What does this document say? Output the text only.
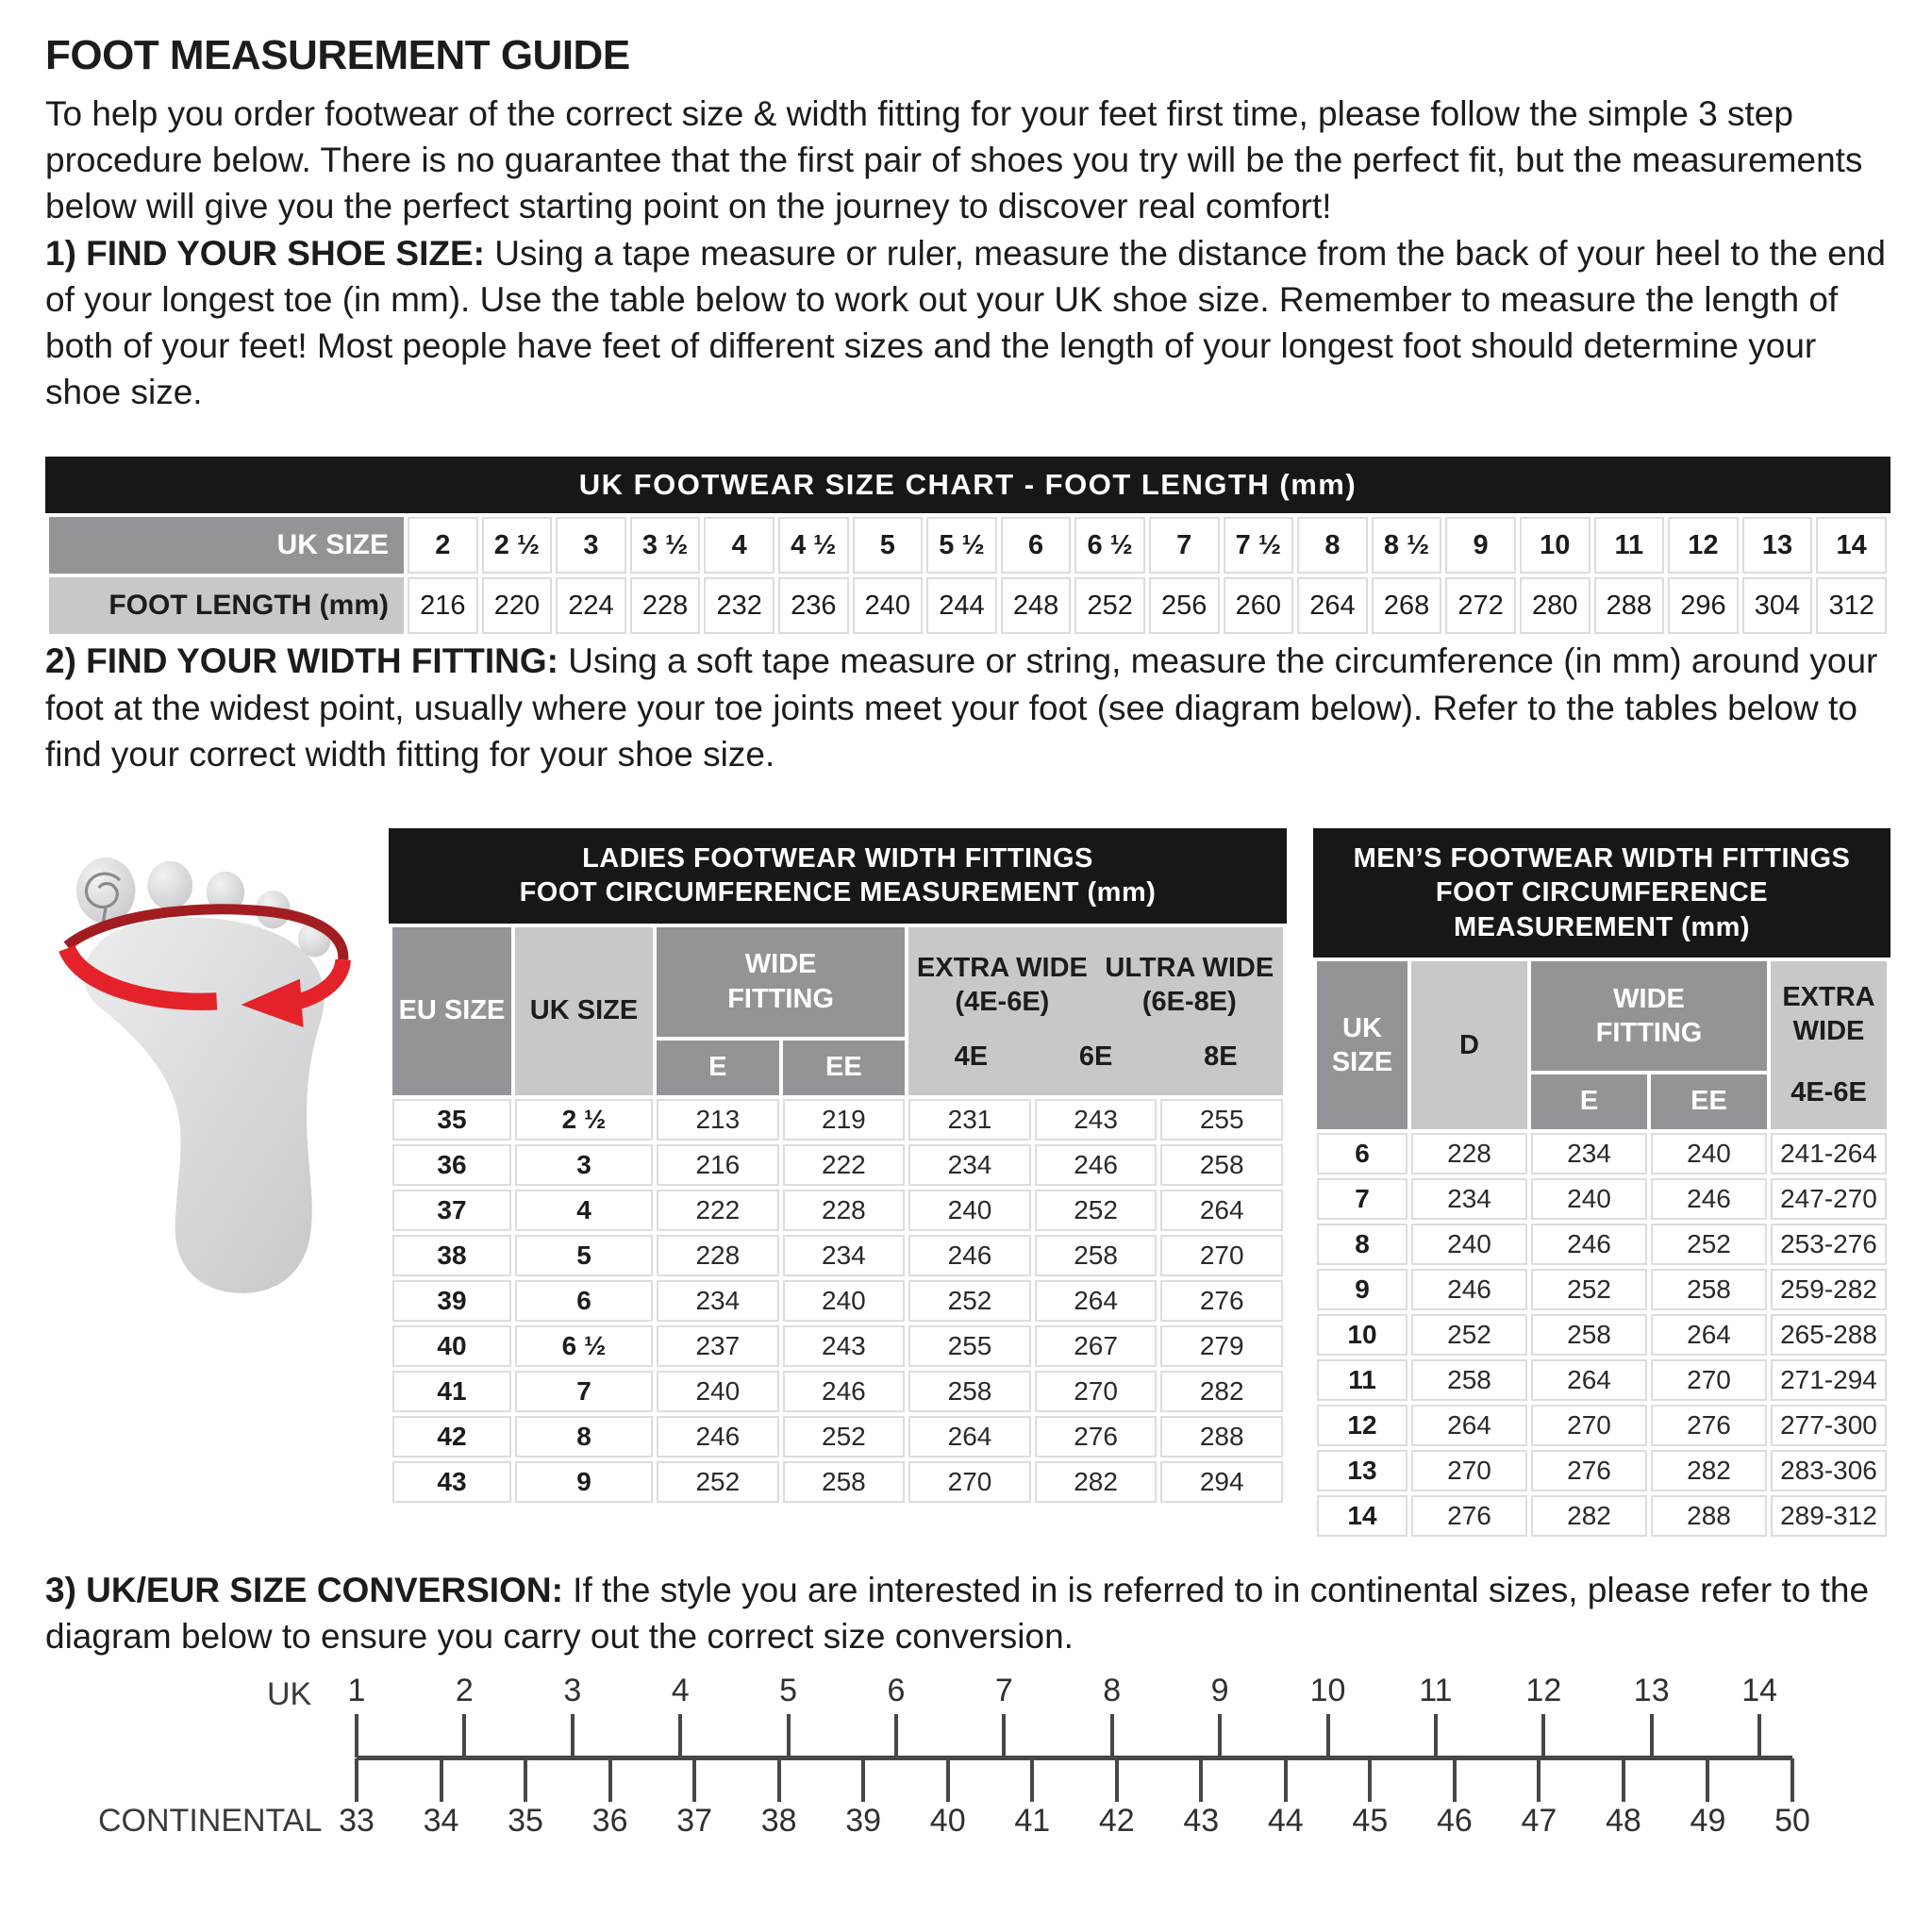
FOOT MEASUREMENT GUIDE

To help you order footwear of the correct size & width fitting for your feet first time, please follow the simple 3 step procedure below. There is no guarantee that the first pair of shoes you try will be the perfect fit, but the measurements below will give you the perfect starting point on the journey to discover real comfort!

1) FIND YOUR SHOE SIZE: Using a tape measure or ruler, measure the distance from the back of your heel to the end of your longest toe (in mm). Use the table below to work out your UK shoe size. Remember to measure the length of both of your feet! Most people have feet of different sizes and the length of your longest foot should determine your shoe size.

UK FOOTWEAR SIZE CHART - FOOT LENGTH (mm)
UK SIZE	2	2 ½	3	3 ½	4	4 ½	5	5 ½	6	6 ½	7	7 ½	8	8 ½	9	10	11	12	13	14
FOOT LENGTH (mm)	216	220	224	228	232	236	240	244	248	252	256	260	264	268	272	280	288	296	304	312

2) FIND YOUR WIDTH FITTING: Using a soft tape measure or string, measure the circumference (in mm) around your foot at the widest point, usually where your toe joints meet your foot (see diagram below). Refer to the tables below to find your correct width fitting for your shoe size.

LADIES FOOTWEAR WIDTH FITTINGS
FOOT CIRCUMFERENCE MEASUREMENT (mm)
EU SIZE	UK SIZE	WIDE FITTING	
EXTRA WIDE
(4E-6E)
ULTRA WIDE
(6E-8E)
4E	6E	8E

		E	EE			
35	2 ½	213	219	231	243	255
36	3	216	222	234	246	258
37	4	222	228	240	252	264
38	5	228	234	246	258	270
39	6	234	240	252	264	276
40	6 ½	237	243	255	267	279
41	7	240	246	258	270	282
42	8	246	252	264	276	288
43	9	252	258	270	282	294
MEN’S FOOTWEAR WIDTH FITTINGS
FOOT CIRCUMFERENCE
MEASUREMENT (mm)
UK SIZE	D	WIDE FITTING		EXTRA WIDE
4E-6E

		E	EE	
6	228	234	240	241-264
7	234	240	246	247-270
8	240	246	252	253-276
9	246	252	258	259-282
10	252	258	264	265-288
11	258	264	270	271-294
12	264	270	276	277-300
13	270	276	282	283-306
14	276	282	288	289-312

3) UK/EUR SIZE CONVERSION: If the style you are interested in is referred to in continental sizes, please refer to the diagram below to ensure you carry out the correct size conversion.

UK
CONTINENTAL
1	2	3	4	5	6	7	8	9	10 11 12 13 14
33 34 35 36 37 38 39 40 41 42 43 44 45 46 47 48 49 50
